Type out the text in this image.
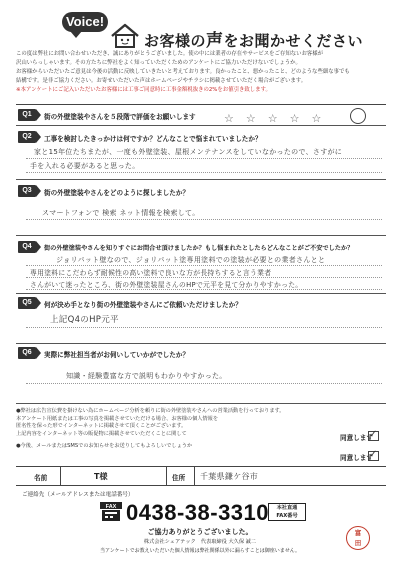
Voice!
お客様の声をお聞かせください
この度は弊社にお問い合わせいただき、誠にありがとうございました。使の中には業者の存在やサービスをご存知ないお客様が
沢山いらっしゃいます。その方たちに弊社をよく知っていただくためのアンケートにご協力いただけないでしょうか。
お客様からいただいたご意見は今後の活動に反映していきたいと考えております。良かったこと、悪かったこと、どのような些細な事でも
結構です。是非ご協力ください。お寄せいただいた声はホームページやチラシに掲載させていただく場合がございます。
※本アンケートにご記入いただいたお客様には工事ご同意時に工事金額税抜きの2%をお値引き致します。
Q1	街の外壁塗装やさんを５段階で評価をお願いします	☆☆☆☆☆
Q2	工事を検討したきっかけは何ですか？どんなことで悩まれていましたか？
家と15年位たちまたが、一度も外壁塗装、屋根メンテナンスをしていなかったので、さすがに
手を入れる必要があると思った。
Q3	街の外壁塗装やさんをどのように探しましたか？
スマートフォンで 検索 ネット情報を検索して。
Q4	街の外壁塗装やさんを知りすぐにお問合せ頂けましたか？もし悩まれたとしたらどんなことがご不安でしたか？
ジョリパット壁なので、ジョリパット塗専用塗料での塗装が必要との業者さんとと
専用塗料にこだわらず耐候性の高い塗料で良いな方が長持ちすると言う業者
さんがいて迷ったところ、街の外壁塗装屋さんのHPで元平を見て分かりやすかった。
Q5	何が決め手となり街の外壁塗装やさんにご依頼いただけましたか？
上記Q4のHP元平
Q6	実際に弊社担当者がお伺いしていかがでしたか？
知識・経験豊富な方で説明もわかりやすかった。
●弊社は広告宣伝費を掛けない為にホームページ分析を頼りに街の外壁塗装やさんへの営業活動を行っております。
本アンケート用紙または工事の写真を掲載させていただける場合、お客様の個人情報を
匿名性を保った形でインターネットに掲載させて頂くことがございます。
上記内容をインターネット等の販促物に掲載させていただくことに関して
●今後、メールまたはSMSでのお知らせをお送りしてもよろしいでしょうか
同意します
✓
同意します
✓
名前	T様	住所 千葉県鎌ケ谷市
ご連絡先（メールアドレスまたは電話番号）
FAX 0438-38-3310	本社直通
FAX番号
ご協力ありがとうございました。
株式会社シェアテック　代表取締役 大久保 誠二
当アンケートでお教えいただいた個人情報は弊社関係以外に漏らすことは御座いません。
富
田
